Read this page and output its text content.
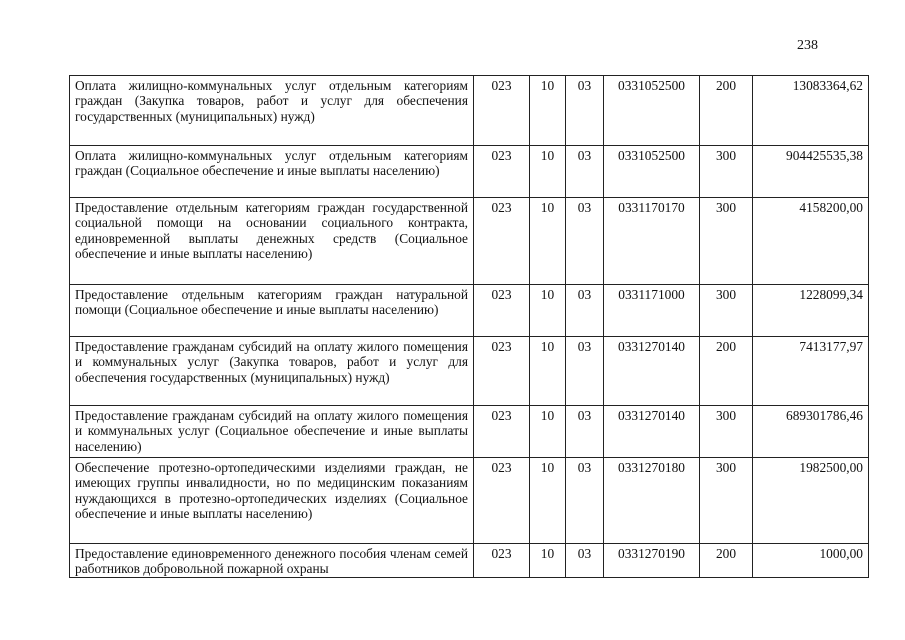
238
Оплата жилищно-коммунальных услуг отдельным категориям граждан (Закупка товаров, работ и услуг для обеспечения государственных (муниципальных) нужд)	023	10	03	0331052500	200	13083364,62
Оплата жилищно-коммунальных услуг отдельным категориям граждан (Социальное обеспечение и иные выплаты населению)	023	10	03	0331052500	300	904425535,38
Предоставление отдельным категориям граждан государственной социальной помощи на основании социального контракта, единовременной выплаты денежных средств (Социальное обеспечение и иные выплаты населению)	023	10	03	0331170170	300	4158200,00
Предоставление отдельным категориям граждан натуральной помощи (Социальное обеспечение и иные выплаты населению)	023	10	03	0331171000	300	1228099,34
Предоставление гражданам субсидий на оплату жилого помещения и коммунальных услуг (Закупка товаров, работ и услуг для обеспечения государственных (муниципальных) нужд)	023	10	03	0331270140	200	7413177,97
Предоставление гражданам субсидий на оплату жилого помещения и коммунальных услуг (Социальное обеспечение и иные выплаты населению)	023	10	03	0331270140	300	689301786,46
Обеспечение протезно-ортопедическими изделиями граждан, не имеющих группы инвалидности, но по медицинским показаниям нуждающихся в протезно-ортопедических изделиях (Социальное обеспечение и иные выплаты населению)	023	10	03	0331270180	300	1982500,00
Предоставление единовременного денежного пособия членам семей работников добровольной пожарной охраны	023	10	03	0331270190	200	1000,00
